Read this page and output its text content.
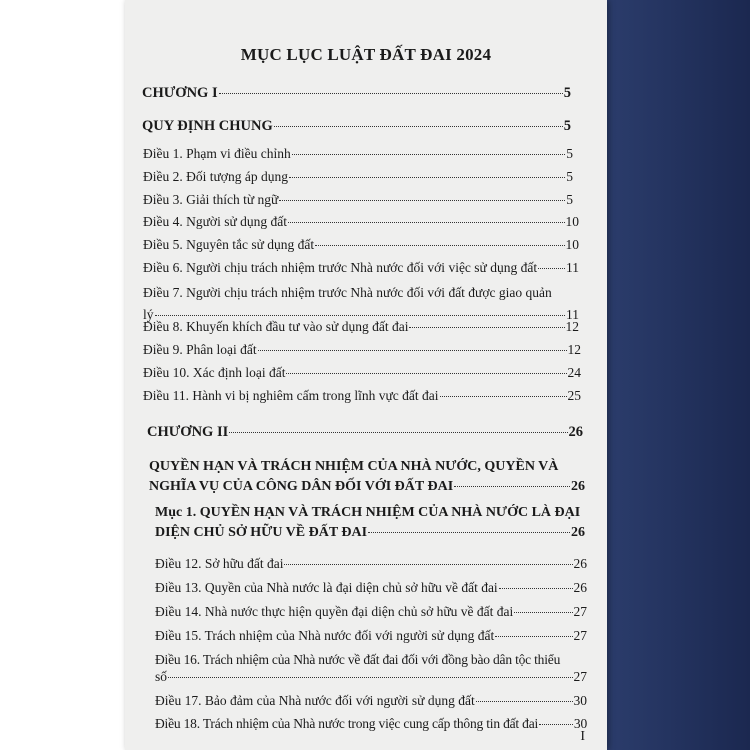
MỤC LỤC LUẬT ĐẤT ĐAI 2024
CHƯƠNG I	5
QUY ĐỊNH CHUNG	5
Điều 1. Phạm vi điều chỉnh	5
Điều 2. Đối tượng áp dụng	5
Điều 3. Giải thích từ ngữ	5
Điều 4. Người sử dụng đất	10
Điều 5. Nguyên tắc sử dụng đất	10
Điều 6. Người chịu trách nhiệm trước Nhà nước đối với việc sử dụng đất 11
Điều 7. Người chịu trách nhiệm trước Nhà nước đối với đất được giao quản
lý	11
Điều 8. Khuyến khích đầu tư vào sử dụng đất đai	12
Điều 9. Phân loại đất	12
Điều 10. Xác định loại đất	24
Điều 11. Hành vi bị nghiêm cấm trong lĩnh vực đất đai	25
CHƯƠNG II	26
QUYỀN HẠN VÀ TRÁCH NHIỆM CỦA NHÀ NƯỚC, QUYỀN VÀ
NGHĨA VỤ CỦA CÔNG DÂN ĐỐI VỚI ĐẤT ĐAI	26
Mục 1. QUYỀN HẠN VÀ TRÁCH NHIỆM CỦA NHÀ NƯỚC LÀ ĐẠI
DIỆN CHỦ SỞ HỮU VỀ ĐẤT ĐAI	26
Điều 12. Sở hữu đất đai	26
Điều 13. Quyền của Nhà nước là đại diện chủ sở hữu về đất đai	26
Điều 14. Nhà nước thực hiện quyền đại diện chủ sở hữu về đất đai	27
Điều 15. Trách nhiệm của Nhà nước đối với người sử dụng đất	27
Điều 16. Trách nhiệm của Nhà nước về đất đai đối với đồng bào dân tộc thiểu
số	27
Điều 17. Bảo đảm của Nhà nước đối với người sử dụng đất	30
Điều 18. Trách nhiệm của Nhà nước trong việc cung cấp thông tin đất đai	30
I
